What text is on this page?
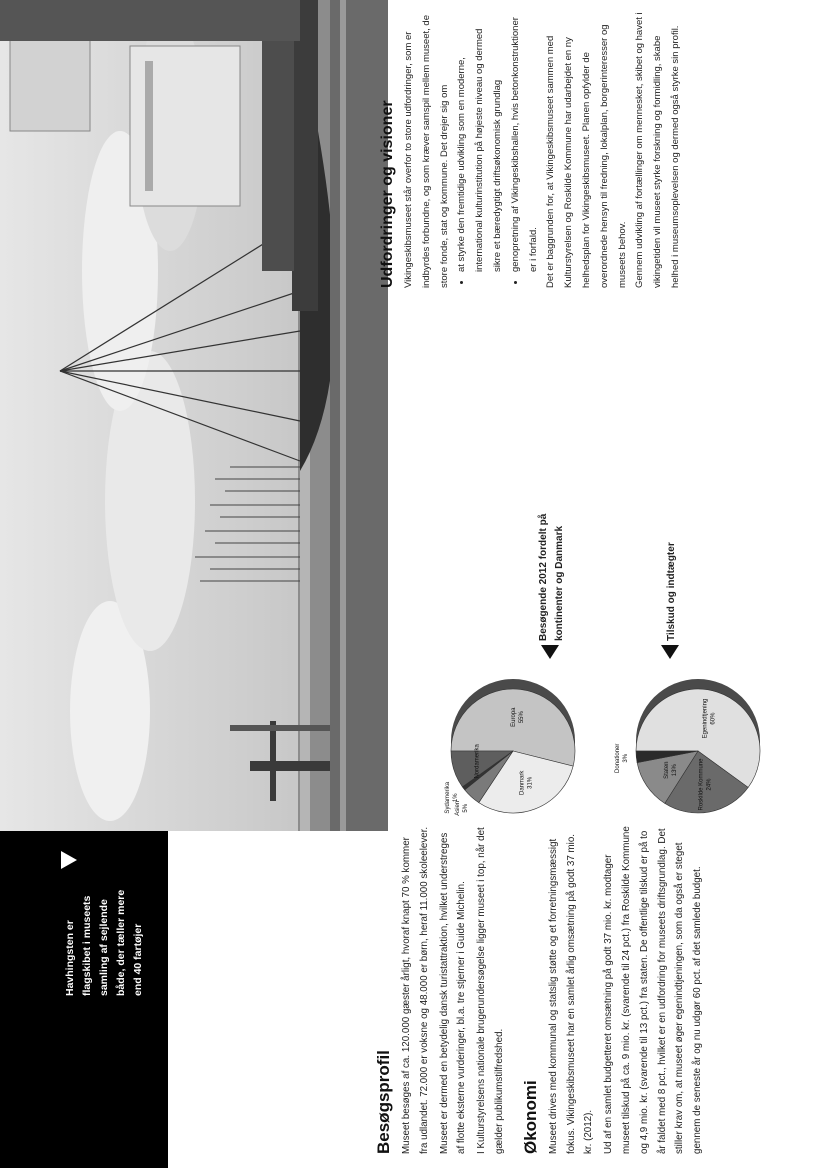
Havhingsten er flagskibet i museets samling af sejlende både, der tæller mere end 40 fartøjer
Besøgsprofil Museet besøges af ca. 120.000 gæster årligt, hvoraf knapt 70 % kommer fra udlandet. 72.000 er voksne og 48.000 er børn, heraf 11.000 skoleelever. Museet er dermed en betydelig dansk turistattraktion, hvilket understreges af flotte eksterne vurderinger, bl.a. tre stjerner i Guide Michelin. I Kulturstyrelsens nationale brugerundersøgelse ligger museet i top, når det gælder publikumstilfredshed. Økonomi Museet drives med kommunal og statslig støtte og et forretningsmæssigt fokus. Vikingeskibsmuseet har en samlet årlig omsætning på godt 37 mio. kr. (2012). Ud af en samlet budgetteret omsætning på godt 37 mio. kr. modtager museet tilskud på ca. 9 mio. kr. (svarende til 24 pct.) fra Roskilde Kommune og 4,9 mio. kr. (svarende til 13 pct.) fra staten. De offentlige tilskud er på to år faldet med 8 pct., hvilket er en udfordring for museets driftsgrundlag. Det stiller krav om, at museet øger egenindtjeningen, som da også er steget gennem de seneste år og nu udgør 60 pct. af det samlede budget.

Besøgende 2012 fordelt på kontinenter og Danmark	Tilskud og indtægter
Europa 55%
Danmark 31%
Asien 5%
Sydamerika 1%
Nordamerika
Egenindtjening 60%
Roskilde Kommune 24%
Staten 13%
Donationer 3%
Udfordringer og visioner Vikingeskibsmuseet står overfor to store udfordringer, som er indbyrdes forbundne, og som kræver samspil mellem museet, de store fonde, stat og kommune. Det drejer sig om • at styrke den fremtidige udvikling som en moderne, international kulturinstitution på højeste niveau og dermed sikre et bæredygtigt driftsøkonomisk grundlag • genopretning af Vikingeskibshallen, hvis betonkonstruktioner er i forfald. Det er baggrunden for, at Vikingeskibsmuseet sammen med Kulturstyrelsen og Roskilde Kommune har udarbejdet en ny helhedsplan for Vikingeskibsmuseet. Planen opfylder de overordnede hensyn til fredning, lokalplan, borgerinteresser og museets behov. Gennem udvikling af fortællinger om mennesket, skibet og havet i vikingetiden vil museet styrke forskning og formidling, skabe helhed i museumsoplevelsen og dermed også styrke sin profil.
